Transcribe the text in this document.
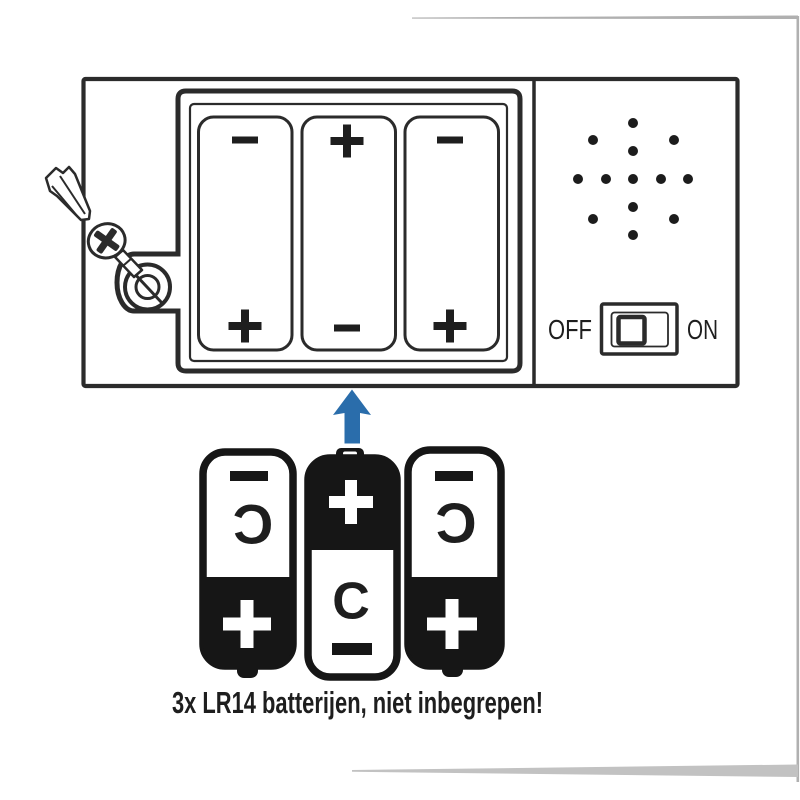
OFF	ON
C
C
C
3x LR14 batterijen, niet inbegrepen!
